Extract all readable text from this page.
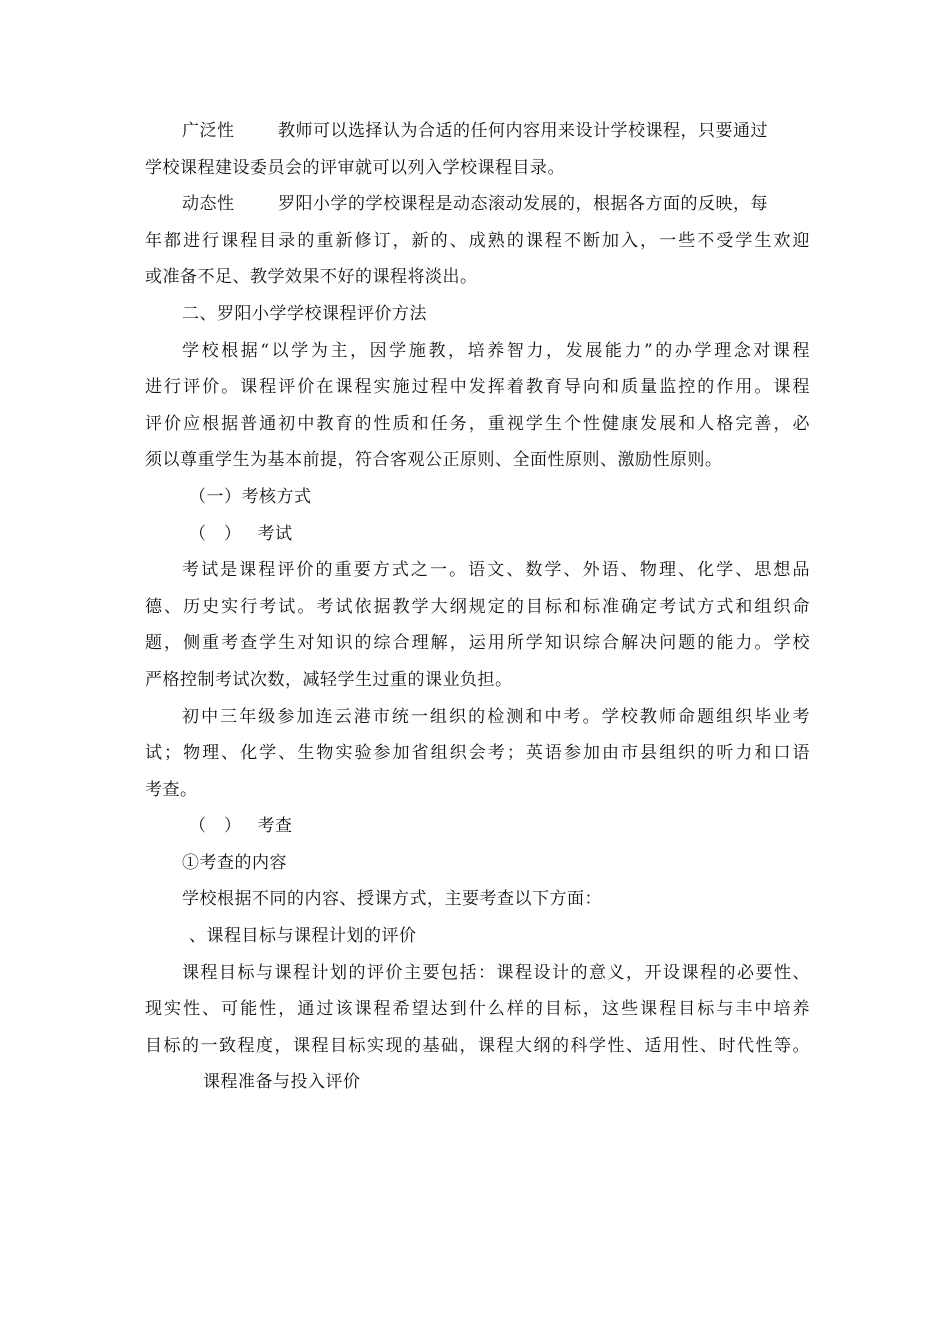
广泛性	教师可以选择认为合适的任何内容用来设计学校课程，只要通过
学校课程建设委员会的评审就可以列入学校课程目录。
动态性	罗阳小学的学校课程是动态滚动发展的，根据各方面的反映，每
年都进行课程目录的重新修订，新的、成熟的课程不断加入，一些不受学生欢迎
或准备不足、教学效果不好的课程将淡出。
二、罗阳小学学校课程评价方法
学校根据“以学为主，因学施教，培养智力，发展能力”的办学理念对课程
进行评价。课程评价在课程实施过程中发挥着教育导向和质量监控的作用。课程
评价应根据普通初中教育的性质和任务，重视学生个性健康发展和人格完善，必
须以尊重学生为基本前提，符合客观公正原则、全面性原则、激励性原则。
（一）考核方式
（　） 考试
考试是课程评价的重要方式之一。语文、数学、外语、物理、化学、思想品
德、历史实行考试。考试依据教学大纲规定的目标和标准确定考试方式和组织命
题，侧重考查学生对知识的综合理解，运用所学知识综合解决问题的能力。学校
严格控制考试次数，减轻学生过重的课业负担。
初中三年级参加连云港市统一组织的检测和中考。学校教师命题组织毕业考
试；物理、化学、生物实验参加省组织会考；英语参加由市县组织的听力和口语
考查。
（　） 考查
①考查的内容
学校根据不同的内容、授课方式，主要考查以下方面：
、课程目标与课程计划的评价
课程目标与课程计划的评价主要包括：课程设计的意义，开设课程的必要性、
现实性、可能性，通过该课程希望达到什么样的目标，这些课程目标与丰中培养
目标的一致程度，课程目标实现的基础，课程大纲的科学性、适用性、时代性等。
课程准备与投入评价
